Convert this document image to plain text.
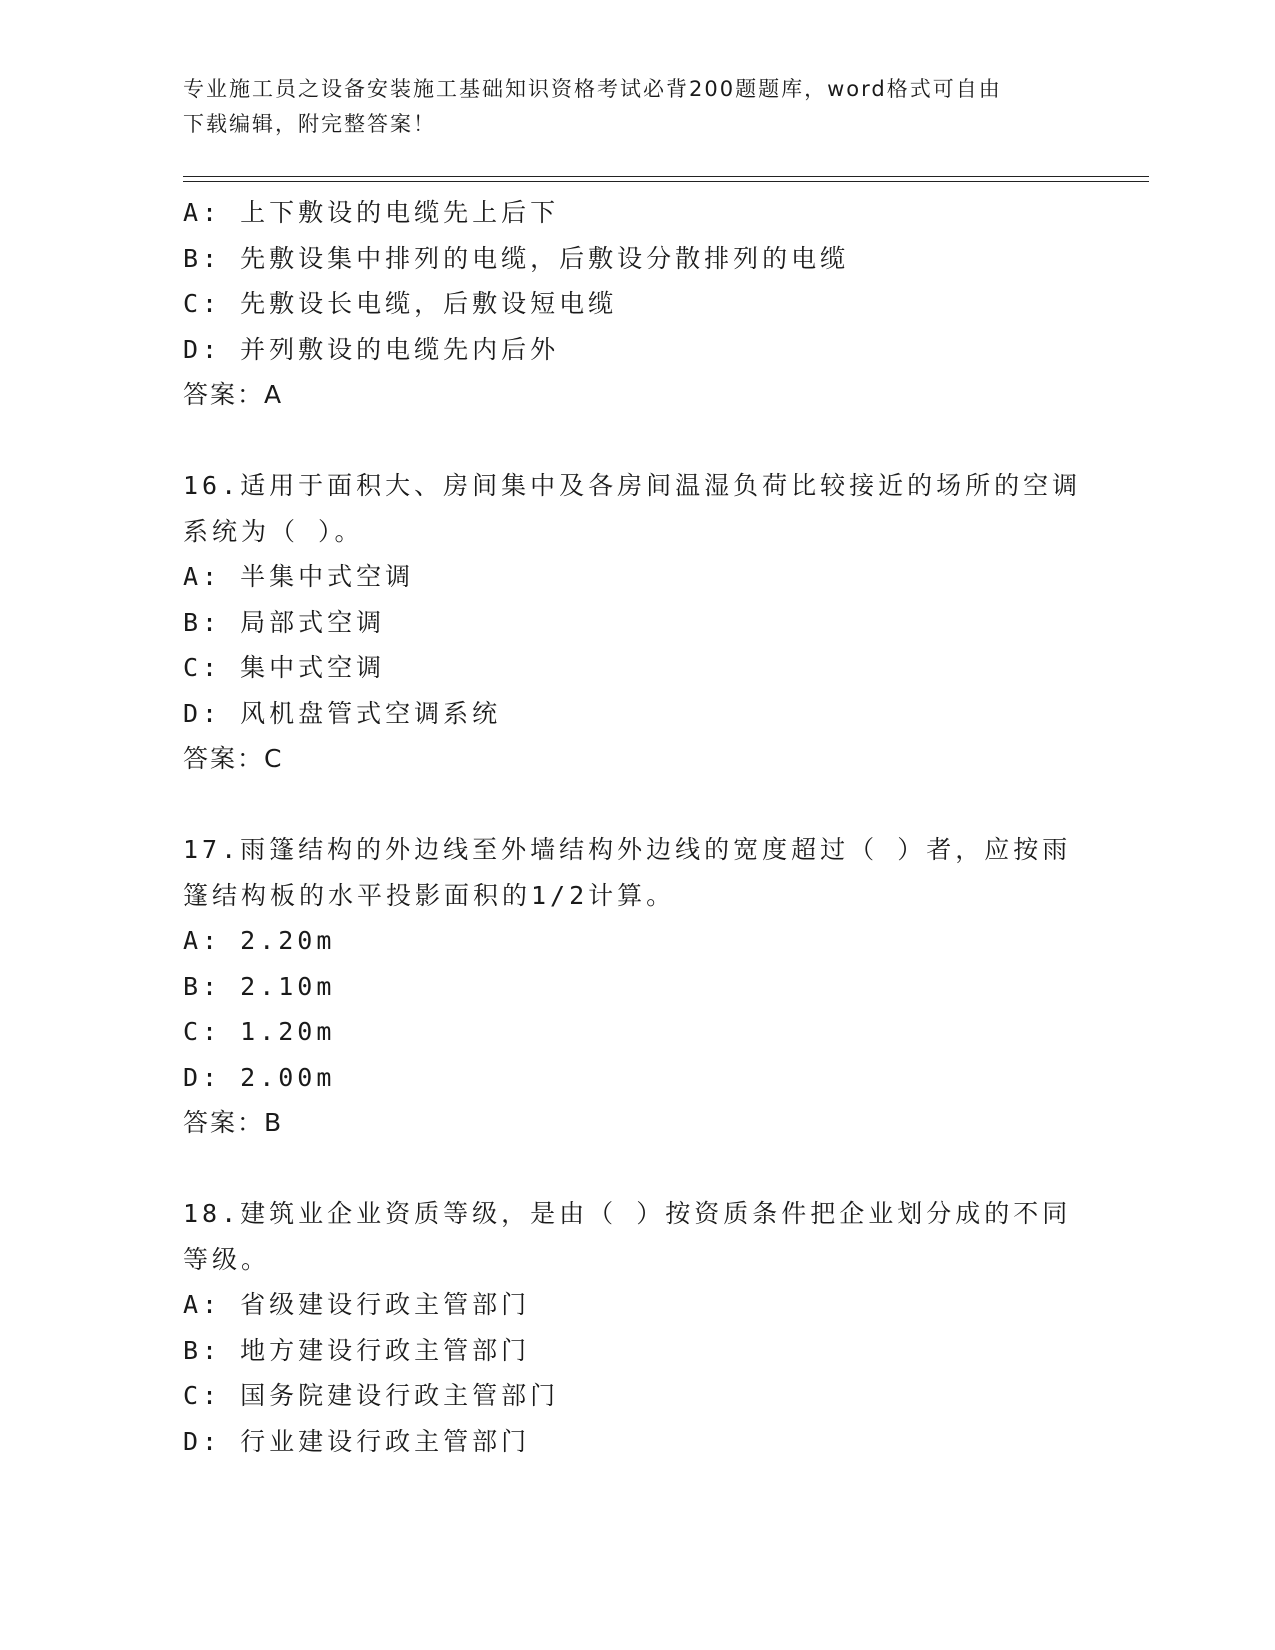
专业施工员之设备安装施工基础知识资格考试必背200题题库，word格式可自由
下载编辑，附完整答案！
A: 上下敷设的电缆先上后下
B: 先敷设集中排列的电缆，后敷设分散排列的电缆
C: 先敷设长电缆，后敷设短电缆
D: 并列敷设的电缆先内后外
答案：A
16.适用于面积大、房间集中及各房间温湿负荷比较接近的场所的空调
系统为（ ）。
A: 半集中式空调
B: 局部式空调
C: 集中式空调
D: 风机盘管式空调系统
答案：C
17.雨篷结构的外边线至外墙结构外边线的宽度超过（ ）者，应按雨
篷结构板的水平投影面积的1/2计算。
A: 2.20m
B: 2.10m
C: 1.20m
D: 2.00m
答案：B
18.建筑业企业资质等级，是由（ ）按资质条件把企业划分成的不同
等级。
A: 省级建设行政主管部门
B: 地方建设行政主管部门
C: 国务院建设行政主管部门
D: 行业建设行政主管部门
